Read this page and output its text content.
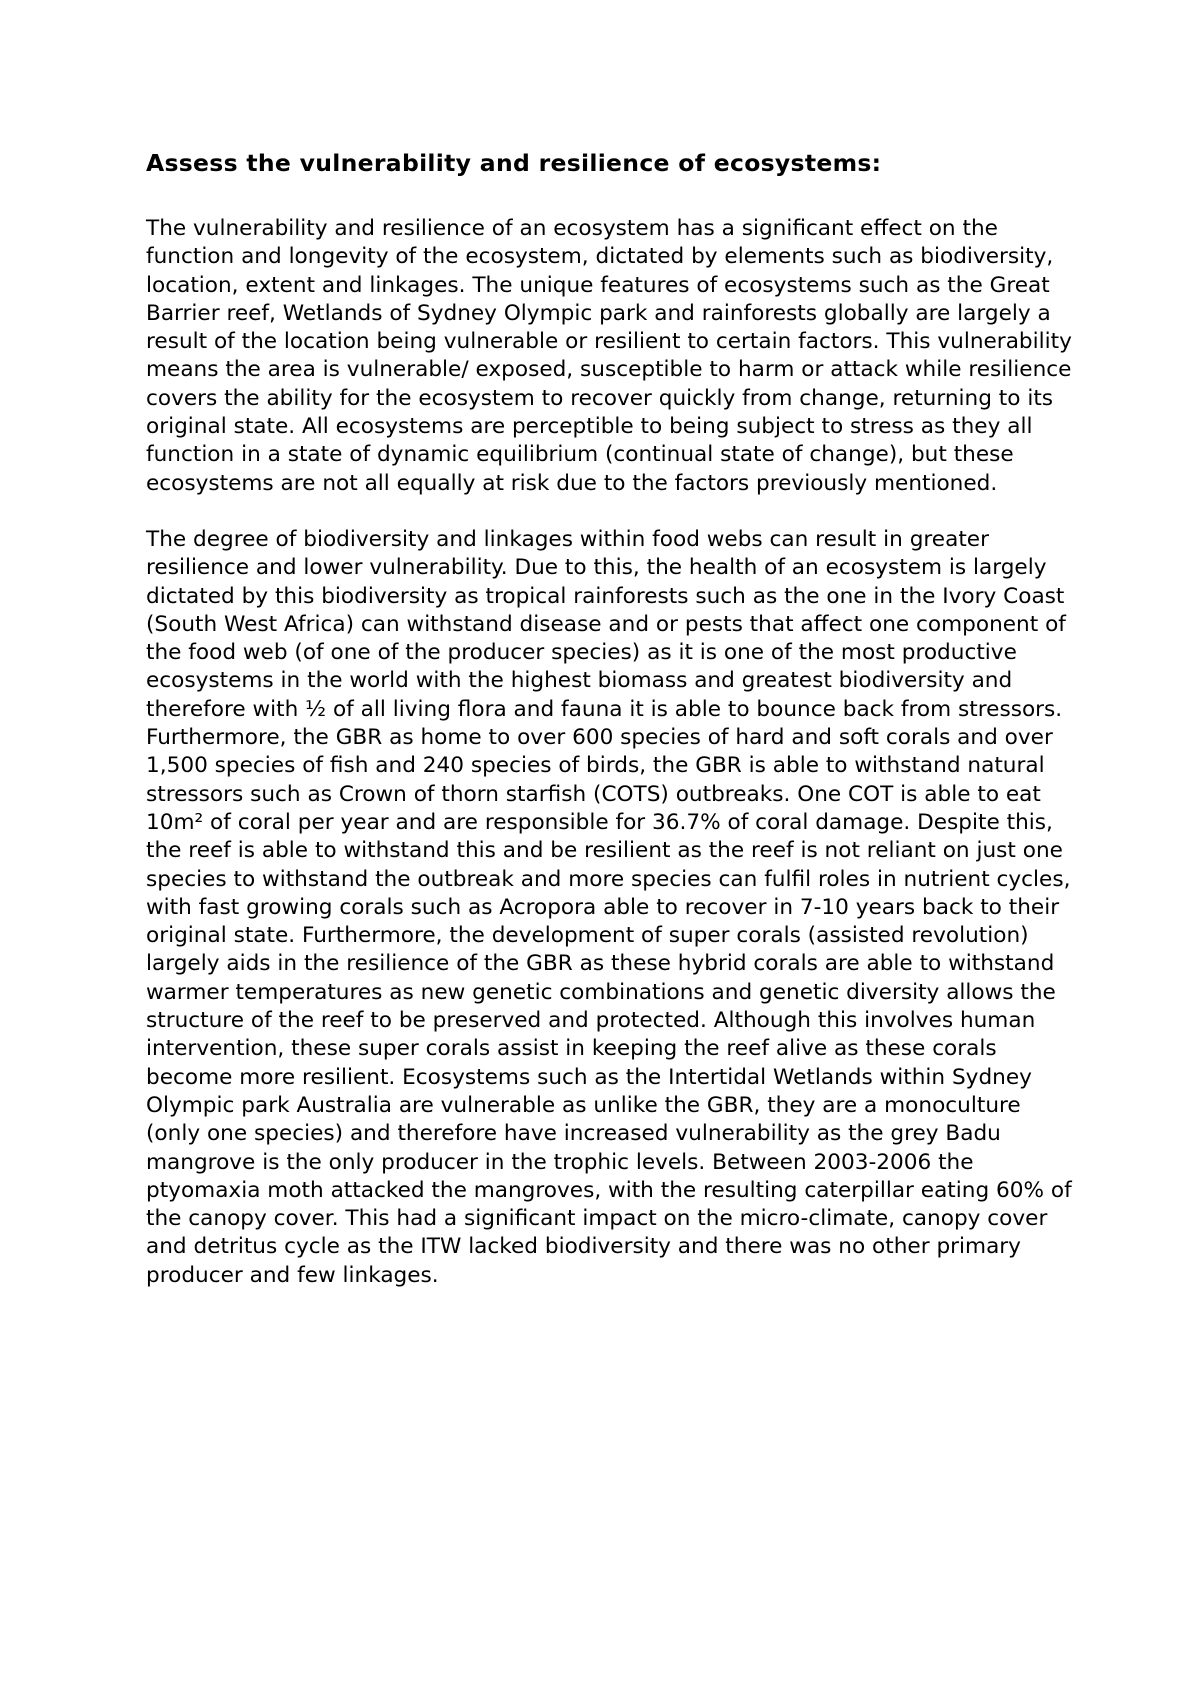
Assess the vulnerability and resilience of ecosystems:

The vulnerability and resilience of an ecosystem has a significant effect on the function and longevity of the ecosystem, dictated by elements such as biodiversity, location, extent and linkages. The unique features of ecosystems such as the Great Barrier reef, Wetlands of Sydney Olympic park and rainforests globally are largely a result of the location being vulnerable or resilient to certain factors. This vulnerability means the area is vulnerable/ exposed, susceptible to harm or attack while resilience covers the ability for the ecosystem to recover quickly from change, returning to its original state. All ecosystems are perceptible to being subject to stress as they all function in a state of dynamic equilibrium (continual state of change), but these ecosystems are not all equally at risk due to the factors previously mentioned.

The degree of biodiversity and linkages within food webs can result in greater resilience and lower vulnerability. Due to this, the health of an ecosystem is largely dictated by this biodiversity as tropical rainforests such as the one in the Ivory Coast (South West Africa) can withstand disease and or pests that affect one component of the food web (of one of the producer species) as it is one of the most productive ecosystems in the world with the highest biomass and greatest biodiversity and therefore with ½ of all living flora and fauna it is able to bounce back from stressors. Furthermore, the GBR as home to over 600 species of hard and soft corals and over 1,500 species of fish and 240 species of birds, the GBR is able to withstand natural stressors such as Crown of thorn starfish (COTS) outbreaks. One COT is able to eat 10m² of coral per year and are responsible for 36.7% of coral damage. Despite this, the reef is able to withstand this and be resilient as the reef is not reliant on just one species to withstand the outbreak and more species can fulfil roles in nutrient cycles, with fast growing corals such as Acropora able to recover in 7-10 years back to their original state. Furthermore, the development of super corals (assisted revolution) largely aids in the resilience of the GBR as these hybrid corals are able to withstand warmer temperatures as new genetic combinations and genetic diversity allows the structure of the reef to be preserved and protected. Although this involves human intervention, these super corals assist in keeping the reef alive as these corals become more resilient. Ecosystems such as the Intertidal Wetlands within Sydney Olympic park Australia are vulnerable as unlike the GBR, they are a monoculture (only one species) and therefore have increased vulnerability as the grey Badu mangrove is the only producer in the trophic levels. Between 2003-2006 the ptyomaxia moth attacked the mangroves, with the resulting caterpillar eating 60% of the canopy cover. This had a significant impact on the micro-climate, canopy cover and detritus cycle as the ITW lacked biodiversity and there was no other primary producer and few linkages.
